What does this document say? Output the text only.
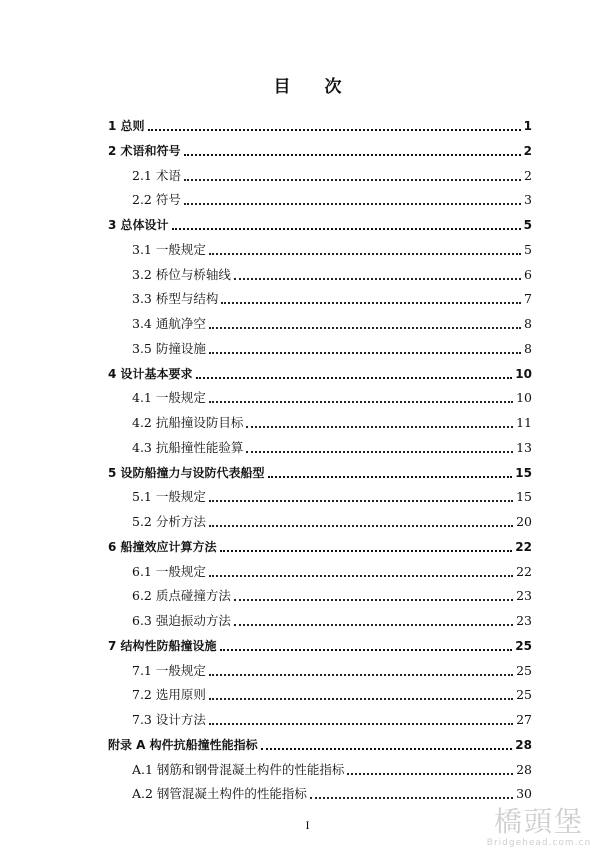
目 次
1 总则	1
2 术语和符号	2
2.1 术语	2
2.2 符号	3
3 总体设计	5
3.1 一般规定	5
3.2 桥位与桥轴线	6
3.3 桥型与结构	7
3.4 通航净空	8
3.5 防撞设施	8
4 设计基本要求	10
4.1 一般规定	10
4.2 抗船撞设防目标	11
4.3 抗船撞性能验算	13
5 设防船撞力与设防代表船型	15
5.1 一般规定	15
5.2 分析方法	20
6 船撞效应计算方法	22
6.1 一般规定	22
6.2 质点碰撞方法	23
6.3 强迫振动方法	23
7 结构性防船撞设施	25
7.1 一般规定	25
7.2 选用原则	25
7.3 设计方法	27
附录 A 构件抗船撞性能指标	28
A.1 钢筋和钢骨混凝土构件的性能指标	28
A.2 钢管混凝土构件的性能指标	30
I	橋頭堡
Bridgehead.com.cn
